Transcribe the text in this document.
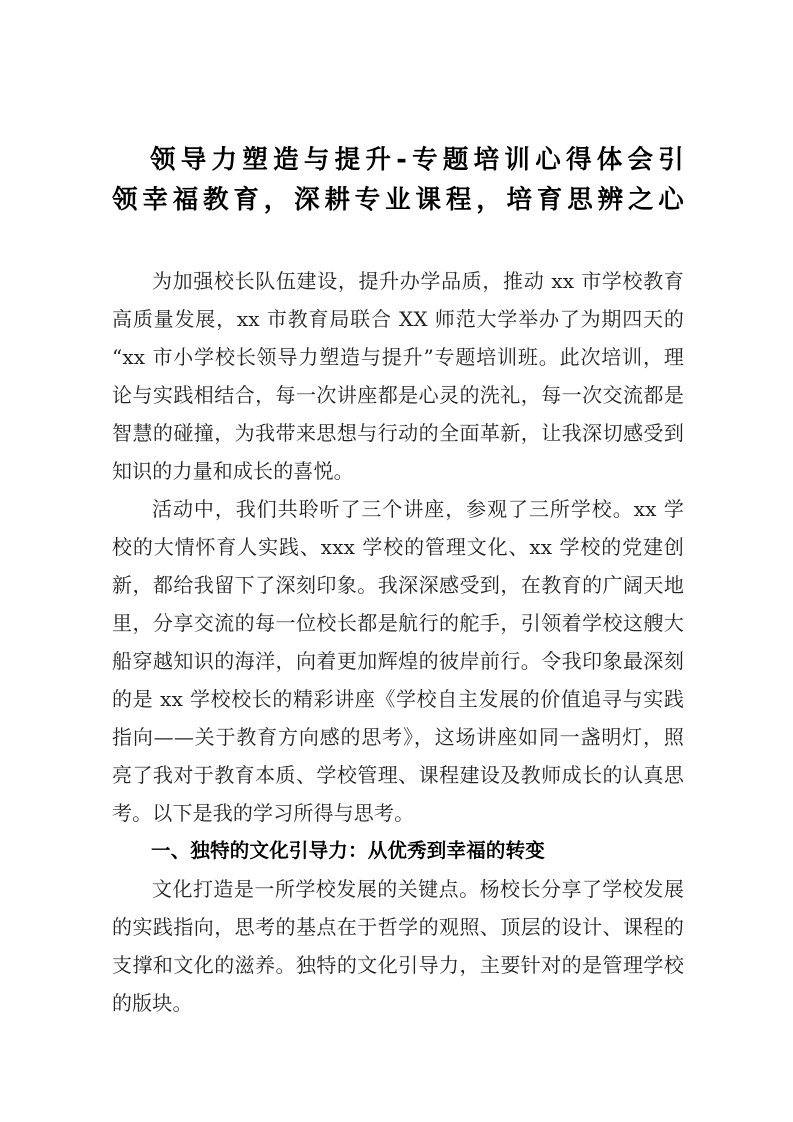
领导力塑造与提升-专题培训心得体会引
领幸福教育，深耕专业课程，培育思辨之心

为加强校长队伍建设，提升办学品质，推动 xx 市学校教育高质量发展，xx 市教育局联合 XX 师范大学举办了为期四天的“xx 市小学校长领导力塑造与提升”专题培训班。此次培训，理论与实践相结合，每一次讲座都是心灵的洗礼，每一次交流都是智慧的碰撞，为我带来思想与行动的全面革新，让我深切感受到知识的力量和成长的喜悦。

活动中，我们共聆听了三个讲座，参观了三所学校。xx 学校的大情怀育人实践、xxx 学校的管理文化、xx 学校的党建创新，都给我留下了深刻印象。我深深感受到，在教育的广阔天地里，分享交流的每一位校长都是航行的舵手，引领着学校这艘大船穿越知识的海洋，向着更加辉煌的彼岸前行。令我印象最深刻的是 xx 学校校长的精彩讲座《学校自主发展的价值追寻与实践指向——关于教育方向感的思考》，这场讲座如同一盏明灯，照亮了我对于教育本质、学校管理、课程建设及教师成长的认真思考。以下是我的学习所得与思考。

一、独特的文化引导力：从优秀到幸福的转变

文化打造是一所学校发展的关键点。杨校长分享了学校发展的实践指向，思考的基点在于哲学的观照、顶层的设计、课程的支撑和文化的滋养。独特的文化引导力，主要针对的是管理学校的版块。
